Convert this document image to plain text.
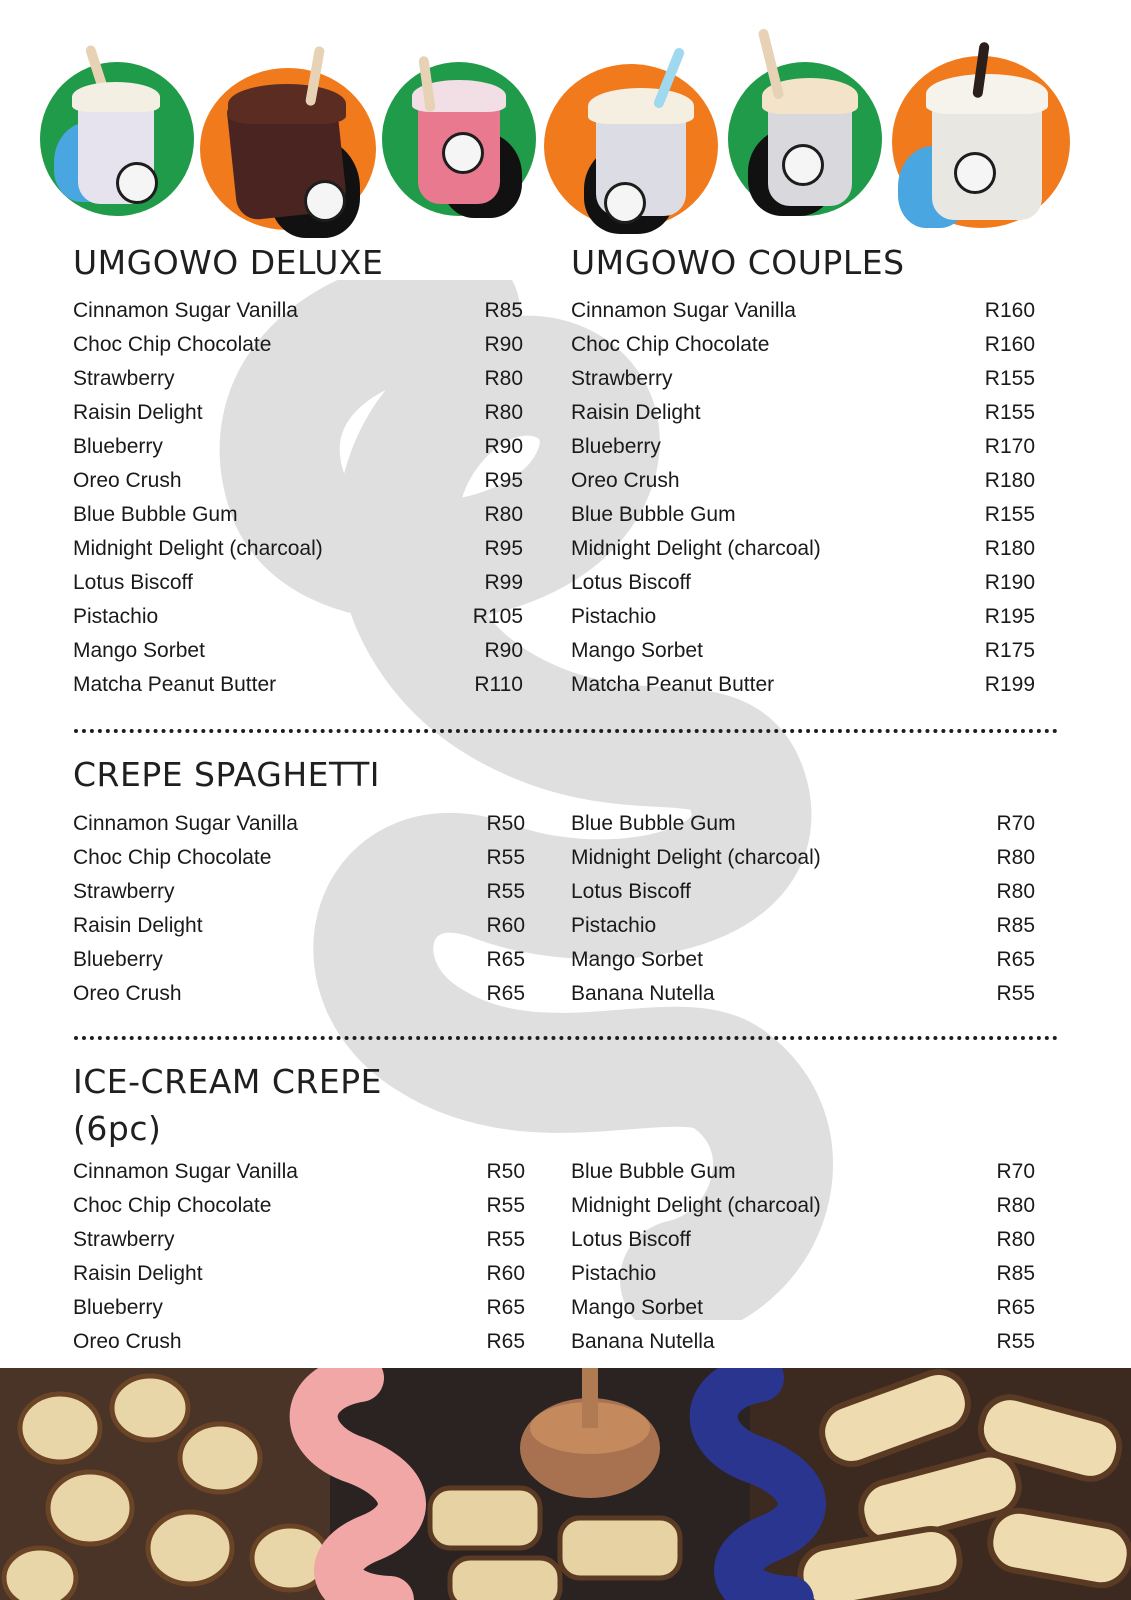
UMGOWO DELUXE
Cinnamon Sugar Vanilla	R85
Choc Chip Chocolate	R90
Strawberry	R80
Raisin Delight	R80
Blueberry	R90
Oreo Crush	R95
Blue Bubble Gum	R80
Midnight Delight (charcoal)	R95
Lotus Biscoff	R99
Pistachio	R105
Mango Sorbet	R90
Matcha Peanut Butter	R110
UMGOWO COUPLES
Cinnamon Sugar Vanilla	R160
Choc Chip Chocolate	R160
Strawberry	R155
Raisin Delight	R155
Blueberry	R170
Oreo Crush	R180
Blue Bubble Gum	R155
Midnight Delight (charcoal)	R180
Lotus Biscoff	R190
Pistachio	R195
Mango Sorbet	R175
Matcha Peanut Butter	R199
CREPE SPAGHETTI
Cinnamon Sugar Vanilla	R50
Choc Chip Chocolate	R55
Strawberry	R55
Raisin Delight	R60
Blueberry	R65
Oreo Crush	R65
Blue Bubble Gum	R70
Midnight Delight (charcoal)	R80
Lotus Biscoff	R80
Pistachio	R85
Mango Sorbet	R65
Banana Nutella	R55
ICE-CREAM CREPE
(6pc)
Cinnamon Sugar Vanilla	R50
Choc Chip Chocolate	R55
Strawberry	R55
Raisin Delight	R60
Blueberry	R65
Oreo Crush	R65
Blue Bubble Gum	R70
Midnight Delight (charcoal)	R80
Lotus Biscoff	R80
Pistachio	R85
Mango Sorbet	R65
Banana Nutella	R55
